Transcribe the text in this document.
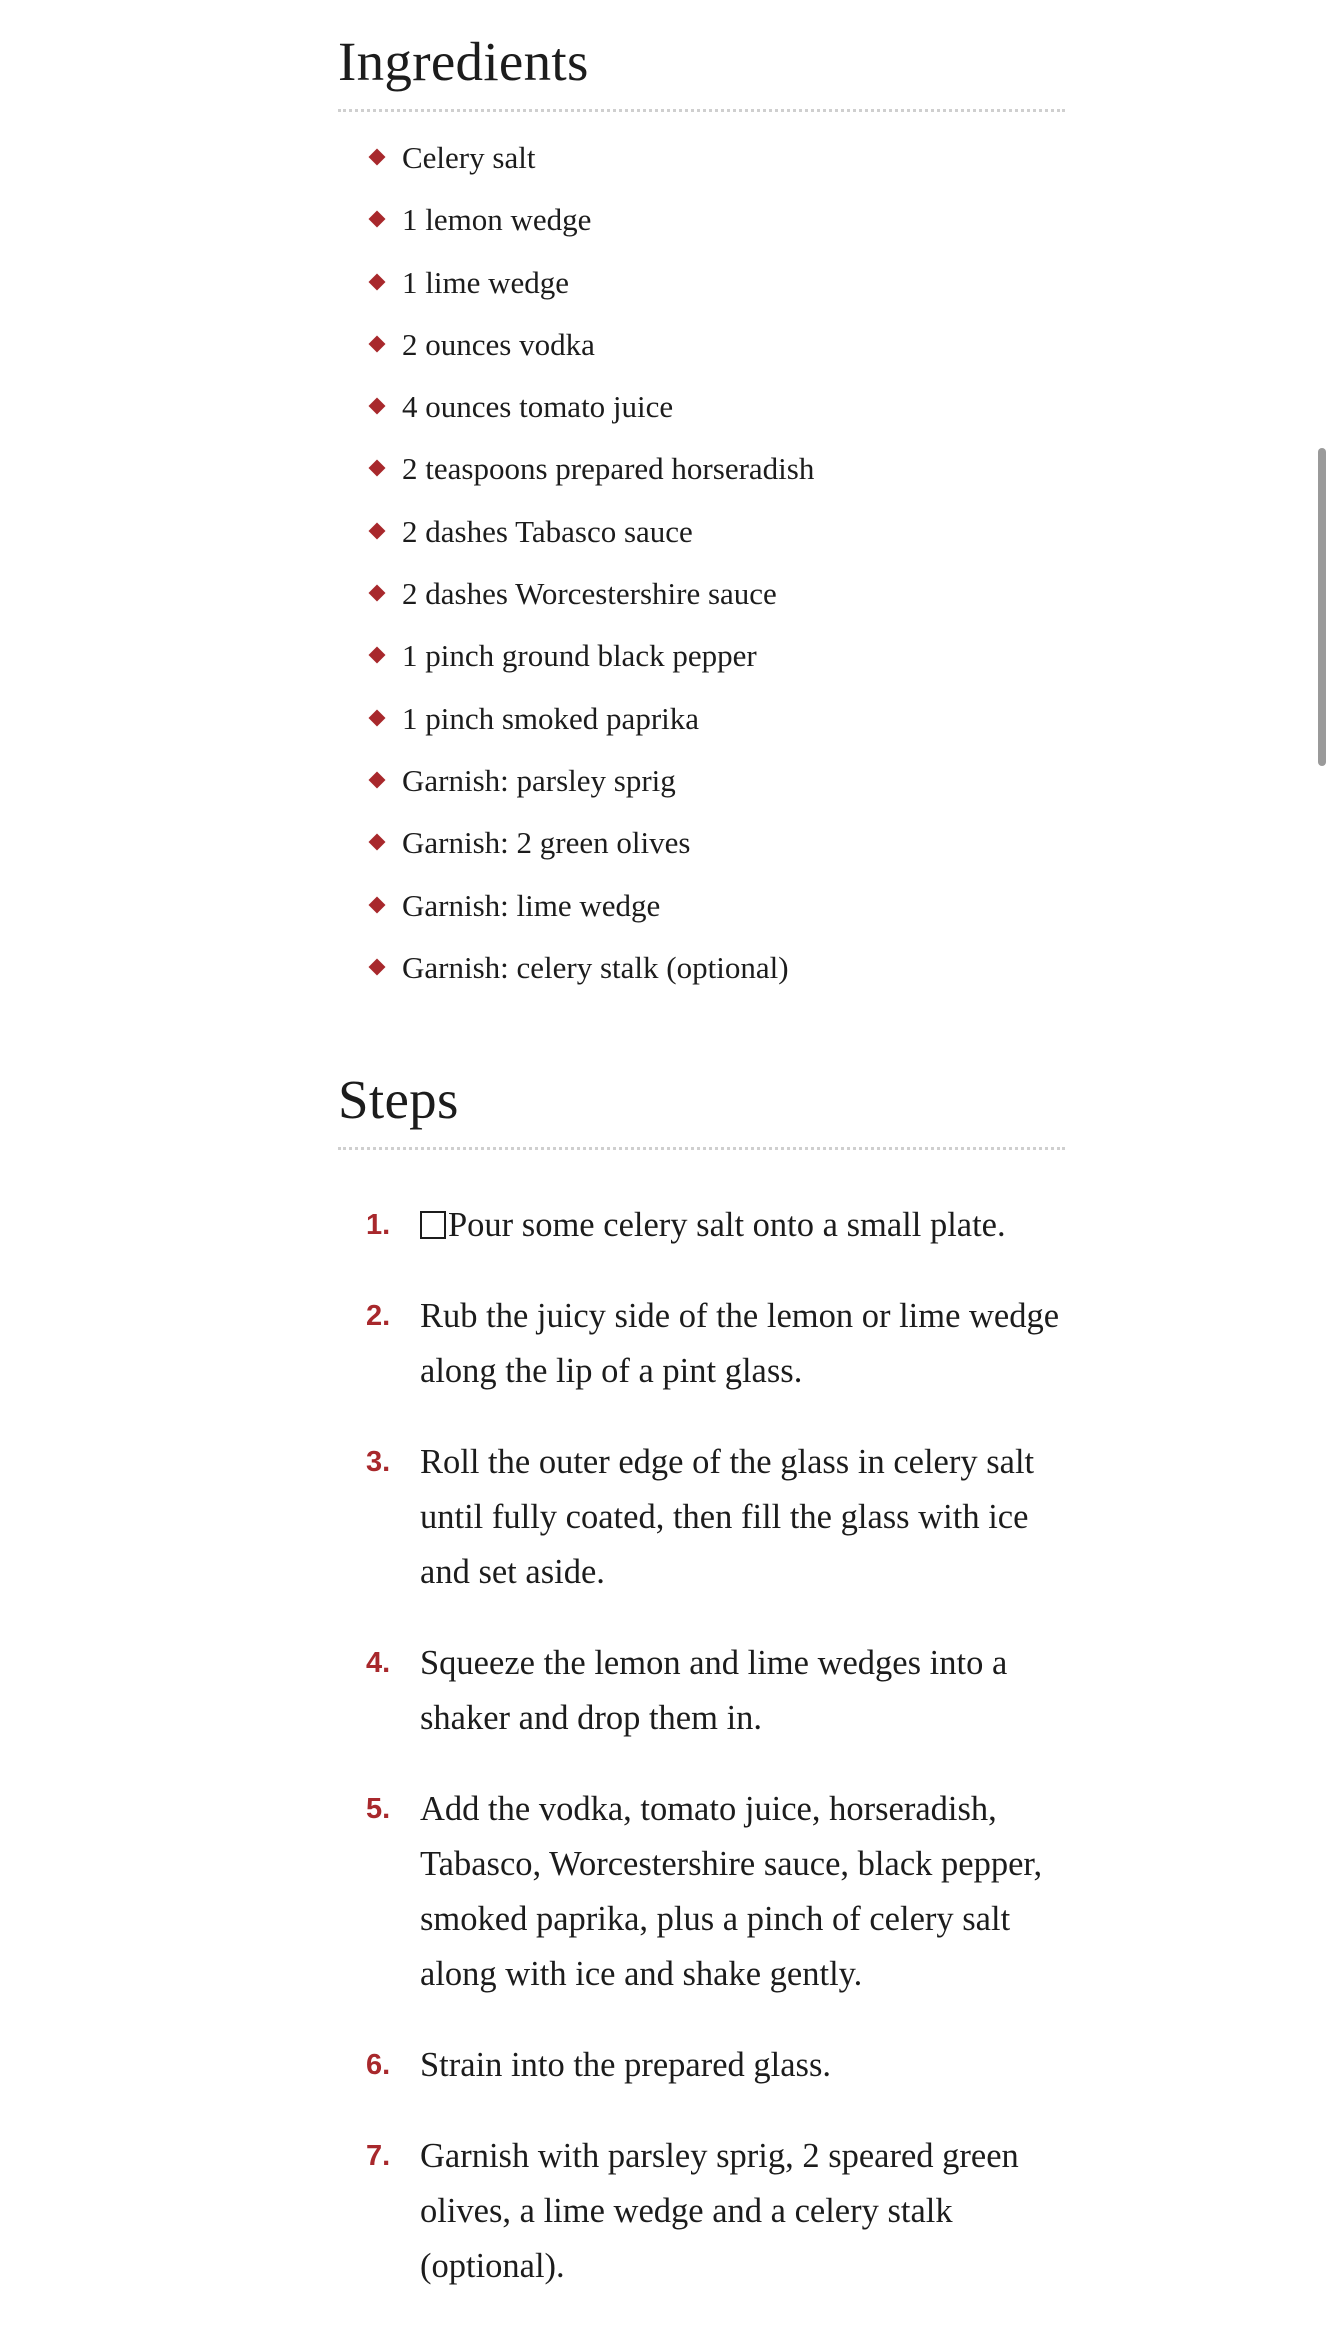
Ingredients
Celery salt
1 lemon wedge
1 lime wedge
2 ounces vodka
4 ounces tomato juice
2 teaspoons prepared horseradish
2 dashes Tabasco sauce
2 dashes Worcestershire sauce
1 pinch ground black pepper
1 pinch smoked paprika
Garnish: parsley sprig
Garnish: 2 green olives
Garnish: lime wedge
Garnish: celery stalk (optional)
Steps
1.	Pour some celery salt onto a small plate.
2. Rub the juicy side of the lemon or lime wedge along the lip of a pint glass.
3. Roll the outer edge of the glass in celery salt until fully coated, then fill the glass with ice and set aside.
4. Squeeze the lemon and lime wedges into a shaker and drop them in.
5. Add the vodka, tomato juice, horseradish, Tabasco, Worcestershire sauce, black pepper, smoked paprika, plus a pinch of celery salt along with ice and shake gently.
6. Strain into the prepared glass.
7. Garnish with parsley sprig, 2 speared green olives, a lime wedge and a celery stalk (optional).
